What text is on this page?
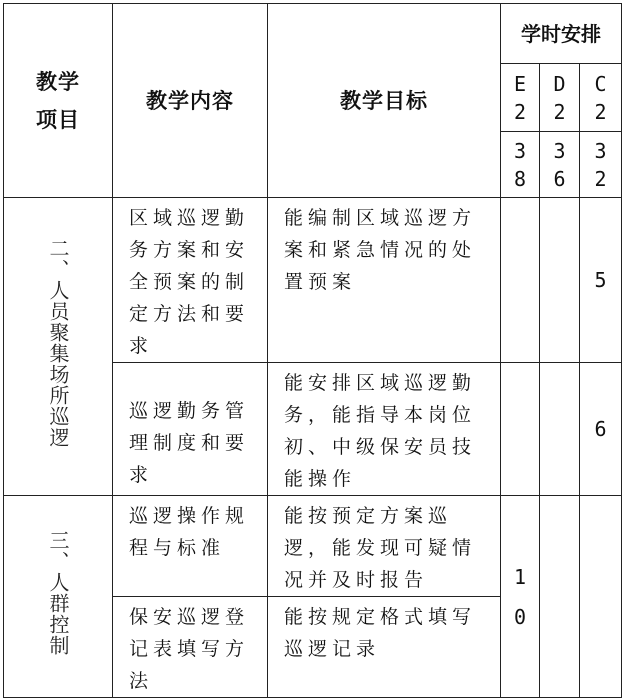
教学项目	教学内容	教学目标	学时安排		

			E2	D2	C2

			38	36	32

二、人员聚集场所巡逻	区域巡逻勤务方案和安全预案的制定方法和要求	能编制区域巡逻方案和紧急情况的处置预案			5

	巡逻勤务管理制度和要求	能安排区域巡逻勤务，能指导本岗位初、中级保安员技能操作			6

三、人群控制	巡逻操作规程与标准	能按预定方案巡逻，能发现可疑情况并及时报告	10		

	保安巡逻登记表填写方法	能按规定格式填写巡逻记录			
